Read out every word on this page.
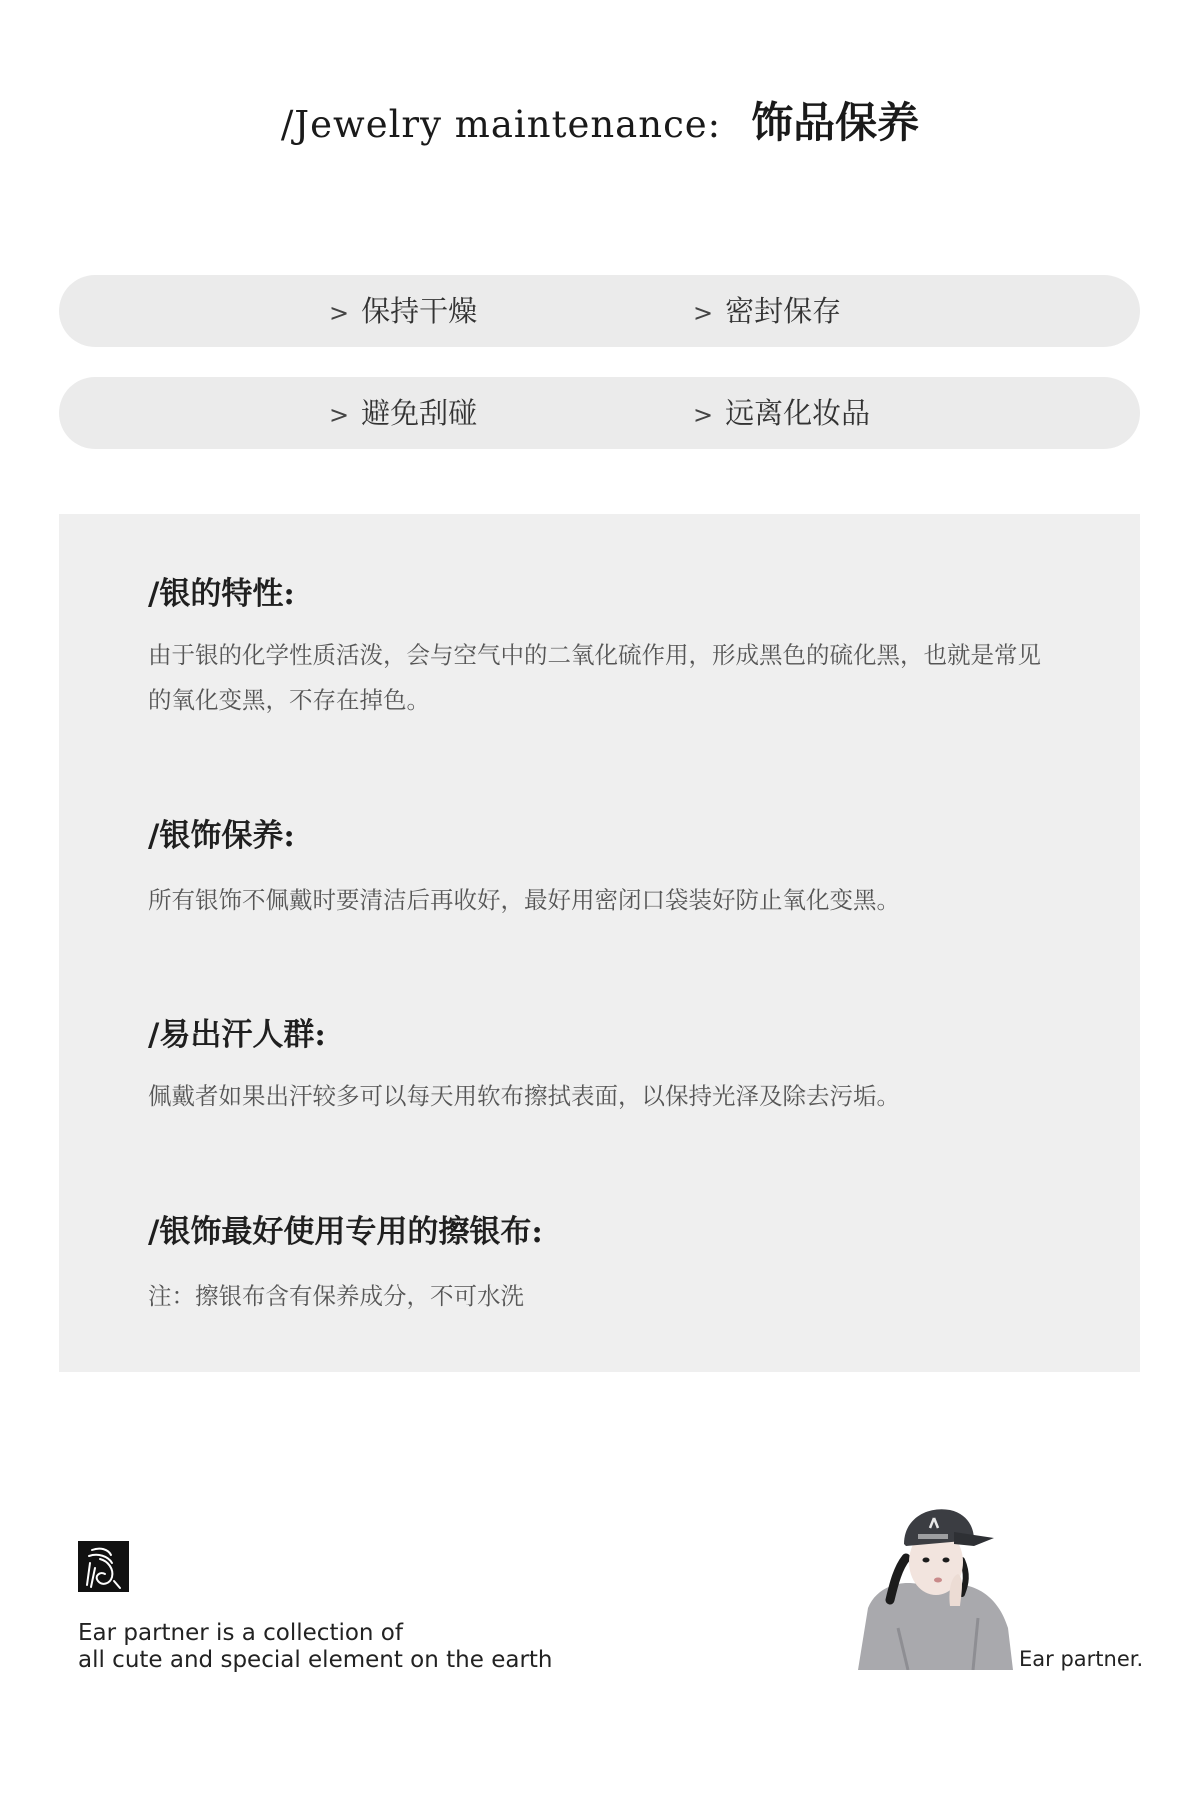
/Jewelry maintenance: 饰品保养
> 保持干燥	> 密封保存
> 避免刮碰	> 远离化妆品
/银的特性:
由于银的化学性质活泼，会与空气中的二氧化硫作用，形成黑色的硫化黑，也就是常见的氧化变黑，不存在掉色。
/银饰保养:
所有银饰不佩戴时要清洁后再收好，最好用密闭口袋装好防止氧化变黑。
/易出汗人群:
佩戴者如果出汗较多可以每天用软布擦拭表面，以保持光泽及除去污垢。
/银饰最好使用专用的擦银布:
注：擦银布含有保养成分，不可水洗
Ear partner is a collection of
all cute and special element on the earth	Ear partner.
